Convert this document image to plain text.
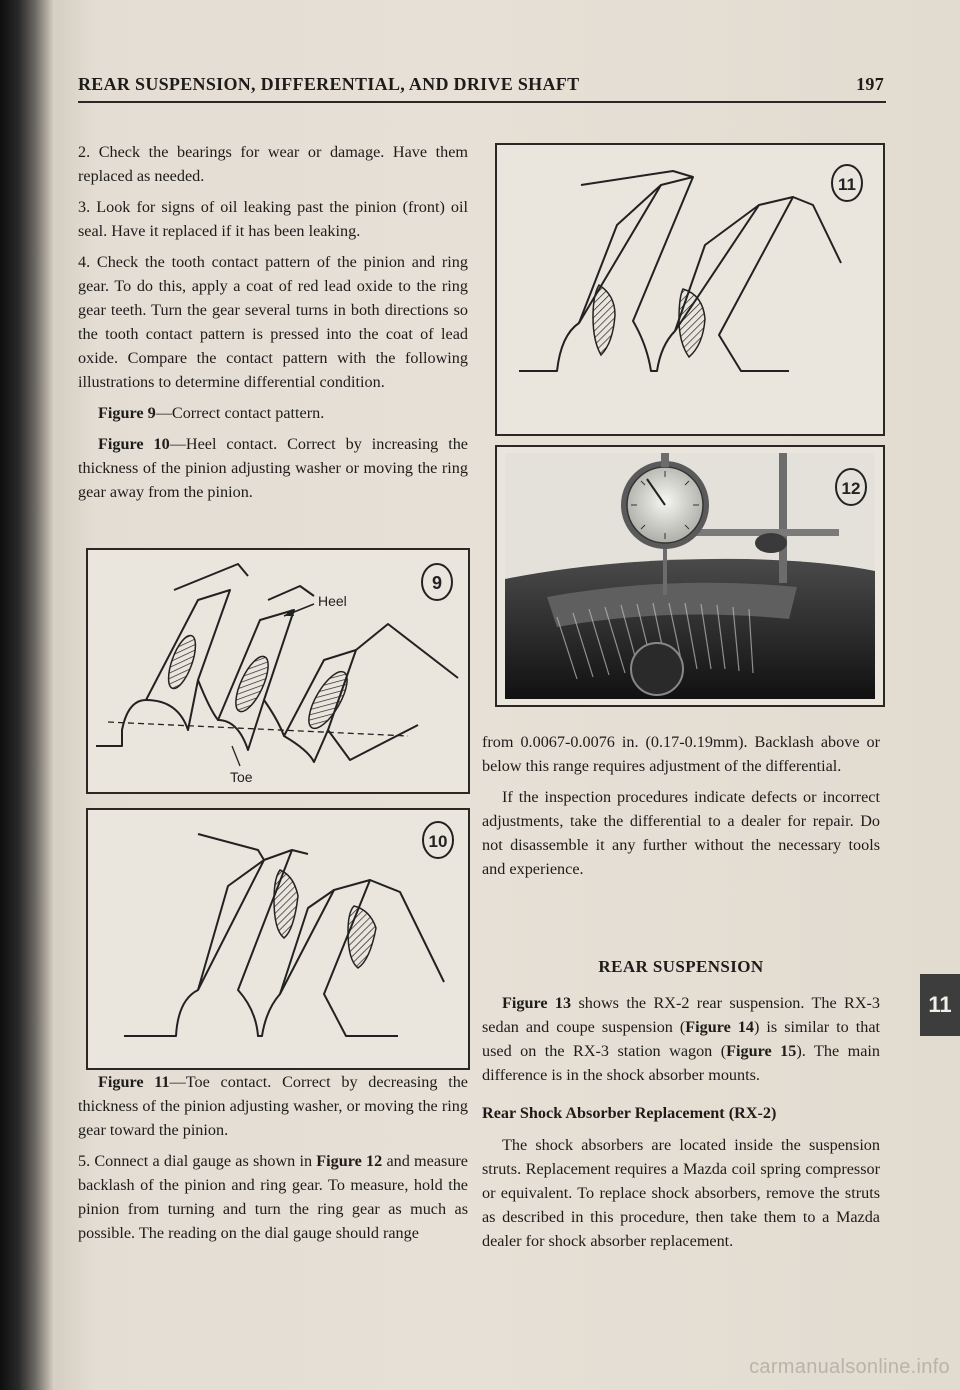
REAR SUSPENSION, DIFFERENTIAL, AND DRIVE SHAFT	197

2. Check the bearings for wear or damage. Have them replaced as needed.

3. Look for signs of oil leaking past the pinion (front) oil seal. Have it replaced if it has been leaking.

4. Check the tooth contact pattern of the pinion and ring gear. To do this, apply a coat of red lead oxide to the ring gear teeth. Turn the gear several turns in both directions so the tooth contact pattern is pressed into the coat of lead oxide. Compare the contact pattern with the following illustrations to determine differential condition.

Figure 9—Correct contact pattern.

Figure 10—Heel contact. Correct by increasing the thickness of the pinion adjusting washer or moving the ring gear away from the pinion.

Heel
Toe
9
10

Figure 11—Toe contact. Correct by decreasing the thickness of the pinion adjusting washer, or moving the ring gear toward the pinion.

5. Connect a dial gauge as shown in Figure 12 and measure backlash of the pinion and ring gear. To measure, hold the pinion from turning and turn the ring gear as much as possible. The reading on the dial gauge should range

11
12

from 0.0067-0.0076 in. (0.17-0.19mm). Backlash above or below this range requires adjustment of the differential.

If the inspection procedures indicate defects or incorrect adjustments, take the differential to a dealer for repair. Do not disassemble it any further without the necessary tools and experience.

REAR SUSPENSION

Figure 13 shows the RX-2 rear suspension. The RX-3 sedan and coupe suspension (Figure 14) is similar to that used on the RX-3 station wagon (Figure 15). The main difference is in the shock absorber mounts.

Rear Shock Absorber Replacement (RX-2)

The shock absorbers are located inside the suspension struts. Replacement requires a Mazda coil spring compressor or equivalent. To replace shock absorbers, remove the struts as described in this procedure, then take them to a Mazda dealer for shock absorber replacement.

11
carmanualsonline.info
